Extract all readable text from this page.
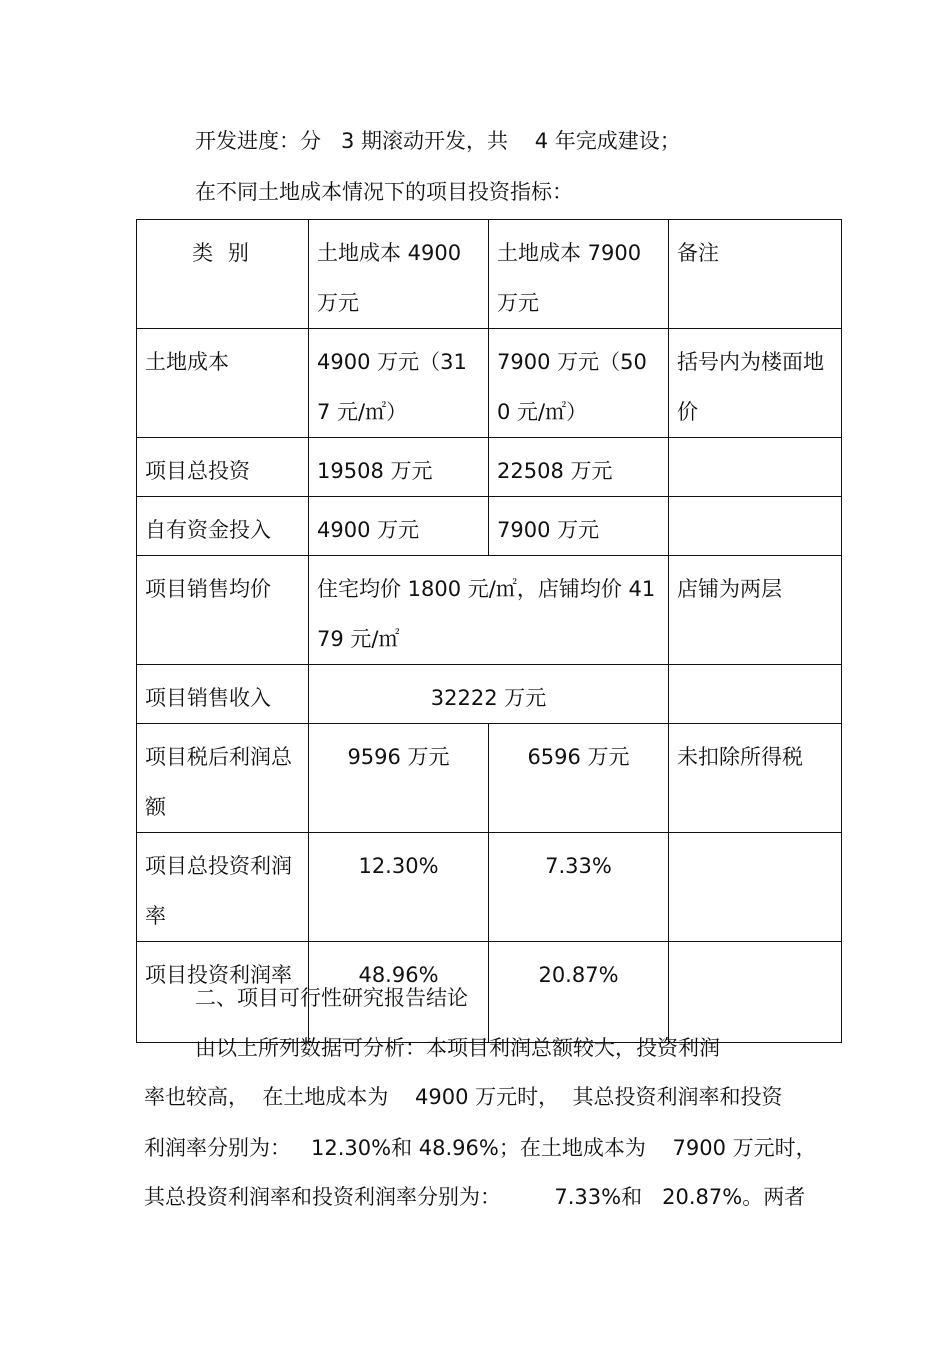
开发进度：分   3 期滚动开发，共    4 年完成建设；
在不同土地成本情况下的项目投资指标：
类 别	土地成本 4900 万元	土地成本 7900 万元	备注
土地成本	4900 万元（317 元/㎡）	7900 万元（500 元/㎡）	括号内为楼面地价
项目总投资	19508 万元	22508 万元	
自有资金投入	4900 万元	7900 万元	
项目销售均价	住宅均价 1800 元/㎡，店铺均价 4179 元/㎡		店铺为两层
项目销售收入	32222 万元		
项目税后利润总额	9596 万元	6596 万元	未扣除所得税
项目总投资利润率	12.30%	7.33%	
项目投资利润率	48.96%	20.87%	
二、项目可行性研究报告结论
由以上所列数据可分析：本项目利润总额较大，投资利润
率也较高，  在土地成本为    4900 万元时，  其总投资利润率和投资
利润率分别为：   12.30%和 48.96%；在土地成本为    7900 万元时，
其总投资利润率和投资利润率分别为：        7.33%和   20.87%。两者
